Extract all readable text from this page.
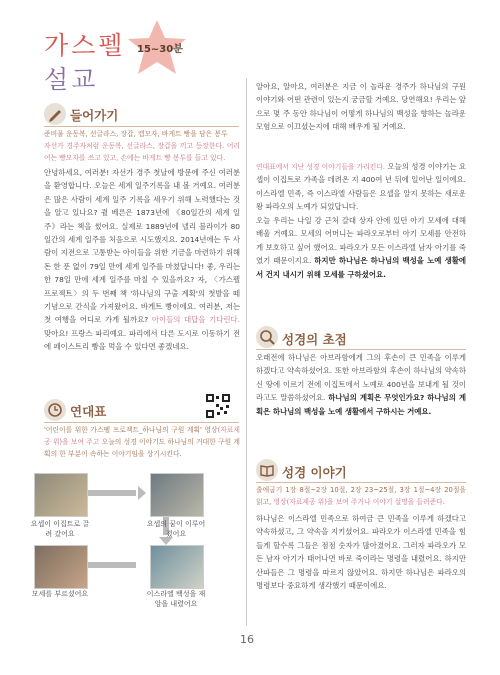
가스펠
설교
15~30분
들어가기
준비물 운동복, 선글라스, 장갑, 캡모자, 바게트 빵을 담은 봉투
자선가 경주자처럼 운동복, 선글라스, 장갑을 끼고 등장한다. 어리어는 빵모자를 쓰고 있고, 손에는 바게트 빵 봉투를 들고 있다.
안녕하세요, 여러분! 자선가 경주 첫날에 방문에 주신 여러분을 환영합니다. 오늘은 세계 일주기록을 내 볼 거예요. 여러분은 많은 사람이 세계 일주 기록을 세우기 위해 노력했다는 것을 알고 있나요? 쥘 베른은 1873년에 《80일간의 세계 일주》라는 책을 썼어요. 실제로 1889년에 넬리 블라이가 80일간의 세계 일주를 처음으로 시도했지요. 2014년에는 두 사람이 지전으로 고통받는 아이들을 위한 기금을 마련하기 위해 돈 한 푼 없이 79일 만에 세계 일주를 마쳤답니다! 좋, 우리는 한 78일 만에 세계 일주를 마칠 수 있을까요? 자, 〈가스펠 프로젝트〉의 두 번째 책 '하나님의 구출 계획'의 첫발을 떼 기념으로 간식을 가져왔어요. 바게트 빵이에요. 여러분, 저는 첫 여행을 어디로 가게 될까요? 아이들의 대답을 기다린다. 맞아요! 프랑스 파리예요. 파리에서 다른 도시로 이동하기 전에 페이스트리 빵을 먹을 수 있다면 좋겠네요.
연대표
'어린이를 위한 가스펠 프로젝트_하나님의 구원 계획' 영상(자료제공 위)을 보여 주고 오늘의 성경 이야기도 하나님의 거대한 구원 계획의 한 부분이 속하는 이야기임을 상기시킨다.
요셉이 이집트로 끌려 갔어요
요셉의 꿈이 이루어졌어요
모세를 부르셨어요	이스라엘 백성을 재앙을 내렸어요
알아요, 알아요, 여러분은 지금 이 놀라운 경주가 하나님의 구원 이야기와 어떤 관련이 있는지 궁금할 거예요. 당연해요! 우리는 앞으로 몇 주 동안 하나님이 어떻게 하나님의 백성을 향하는 놀라운 모험으로 이끄셨는지에 대해 배우게 될 거예요.
연대표에서 지난 성경 이야기들을 가리킨다. 오늘의 성경 이야기는 요셉이 이집트로 가족을 데려온 지 400여 년 뒤에 일어난 일이에요. 이스라엘 민족, 즉 이스라엘 사람들은 요셉을 알지 못하는 새로운 왕 파라오의 노예가 되었답니다.
오늘 우리는 나일 강 근처 갈대 상자 안에 있던 아기 모세에 대해 배울 거예요. 모세의 어머니는 파라오로부터 아기 모세를 안전하게 보호하고 싶어 했어요. 파라오가 모든 이스라엘 남자 아기를 죽였기 때문이지요. 하지만 하나님은 하나님의 백성을 노예 생활에서 건지 내시기 위해 모세를 구하셨어요.
성경의 초점
오래전에 하나님은 아브라함에게 그의 후손이 큰 민족을 이루게 하겠다고 약속하셨어요. 또한 아브라함의 후손이 하나님의 약속하신 땅에 이르기 전에 이집트에서 노예로 400년을 보내게 될 것이라고도 말씀하셨어요. 하나님의 계획은 무엇인가요? 하나님의 계획은 하나님의 백성을 노예 생활에서 구하시는 거예요.
성경 이야기
출애굽기 1장 8절~2장 10절, 2장 23~25절, 3장 1절~4장 20절을 읽고, 영상(자료제공 위)을 보여 주거나 이야기 설명을 들려준다.
하나님은 이스라엘 민족으로 하여금 큰 민족을 이루게 하겠다고 약속하셨고, 그 약속을 지키셨어요. 파라오가 이스라엘 민족을 힘들게 할수록 그들은 점점 숫자가 많아졌어요. 그러자 파라오가 모든 남자 아기가 태어나면 바로 죽이라는 명령을 내렸어요. 하지만 산파들은 그 명령을 따르지 않았어요. 하지만 하나님은 파라오의 명령보다 중요하게 생각했기 때문이에요.
16
